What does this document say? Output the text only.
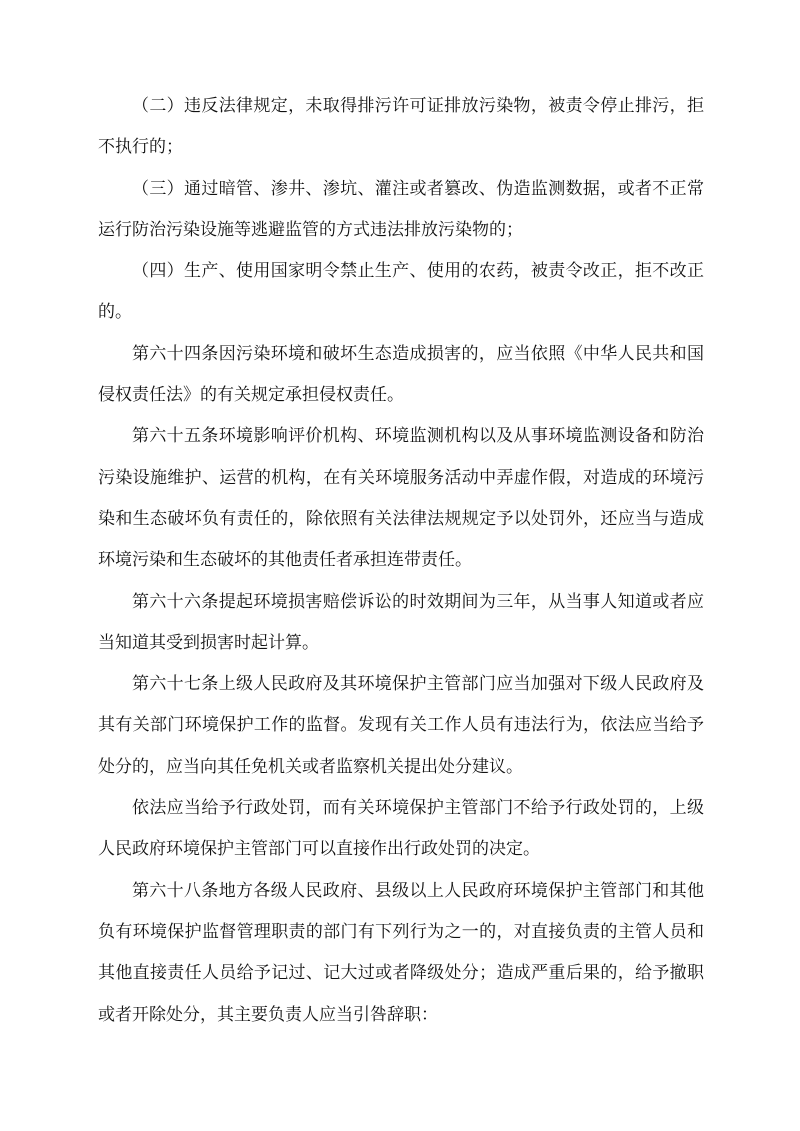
（二）违反法律规定，未取得排污许可证排放污染物，被责令停止排污，拒不执行的；

（三）通过暗管、渗井、渗坑、灌注或者篡改、伪造监测数据，或者不正常运行防治污染设施等逃避监管的方式违法排放污染物的；

（四）生产、使用国家明令禁止生产、使用的农药，被责令改正，拒不改正的。

第六十四条因污染环境和破坏生态造成损害的，应当依照《中华人民共和国侵权责任法》的有关规定承担侵权责任。

第六十五条环境影响评价机构、环境监测机构以及从事环境监测设备和防治污染设施维护、运营的机构，在有关环境服务活动中弄虚作假，对造成的环境污染和生态破坏负有责任的，除依照有关法律法规规定予以处罚外，还应当与造成环境污染和生态破坏的其他责任者承担连带责任。

第六十六条提起环境损害赔偿诉讼的时效期间为三年，从当事人知道或者应当知道其受到损害时起计算。

第六十七条上级人民政府及其环境保护主管部门应当加强对下级人民政府及其有关部门环境保护工作的监督。发现有关工作人员有违法行为，依法应当给予处分的，应当向其任免机关或者监察机关提出处分建议。

依法应当给予行政处罚，而有关环境保护主管部门不给予行政处罚的，上级人民政府环境保护主管部门可以直接作出行政处罚的决定。

第六十八条地方各级人民政府、县级以上人民政府环境保护主管部门和其他负有环境保护监督管理职责的部门有下列行为之一的，对直接负责的主管人员和其他直接责任人员给予记过、记大过或者降级处分；造成严重后果的，给予撤职或者开除处分，其主要负责人应当引咎辞职：
